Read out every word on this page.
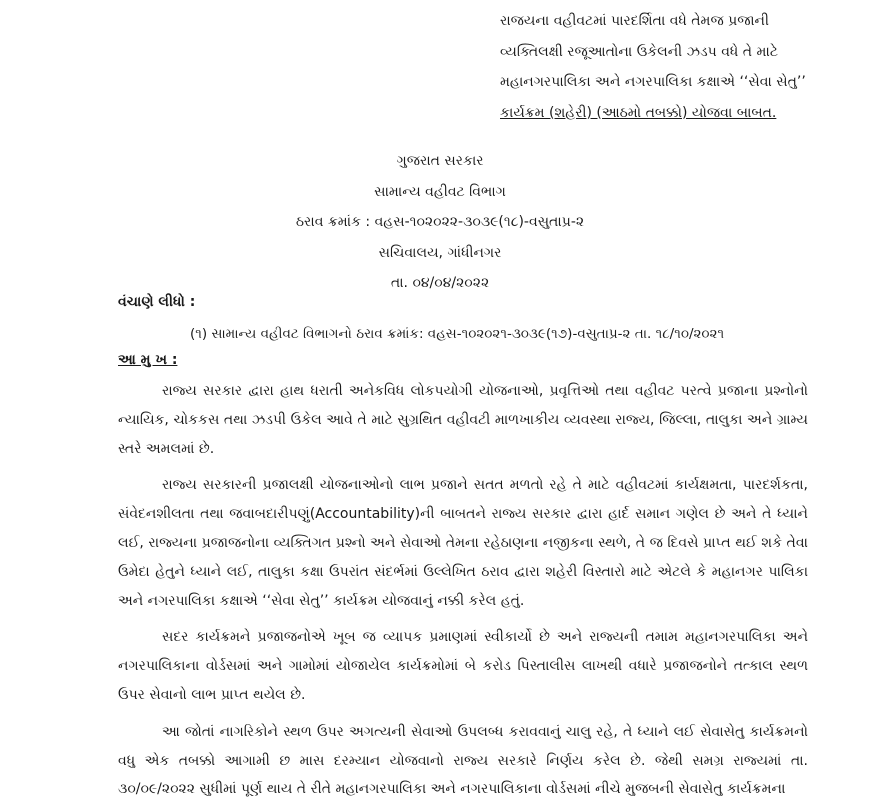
રાજયના વહીવટમાં પારદર્શિતા વધે તેમજ પ્રજાની

વ્યક્તિલક્ષી રજૂઆતોના ઉકેલની ઝડપ વધે તે માટે

મહાનગરપાલિકા અને નગરપાલિકા કક્ષાએ ‘‘સેવા સેતુ’’

કાર્યક્રમ (શહેરી) (આઠમો તબક્કો) યોજવા બાબત.

ગુજરાત સરકાર
સામાન્ય વહીવટ વિભાગ
ઠરાવ ક્રમાંક : વહસ-૧૦૨૦૨૨-૩૦૩૯(૧૮)-વસુતાપ્ર-૨
સચિવાલય, ગાંધીનગર
તા. ૦૪/૦૪/૨૦૨૨
વંચાણે લીધો :
(૧) સામાન્ય વહીવટ વિભાગનો ઠરાવ ક્રમાંક: વહસ-૧૦૨૦૨૧-૩૦૩૯(૧૭)-વસુતાપ્ર-૨ તા. ૧૮/૧૦/૨૦૨૧
આ મુ ખ :

રાજ્ય સરકાર દ્વારા હાથ ધરાતી અનેકવિધ લોકપયોગી યોજનાઓ, પ્રવૃત્તિઓ તથા વહીવટ પરત્વે પ્રજાના પ્રશ્નોનો ન્યાયિક, ચોકકસ તથા ઝડપી ઉકેલ આવે તે માટે સુગ્રથિત વહીવટી માળખાકીય વ્યવસ્થા રાજ્ય, જિલ્લા, તાલુકા અને ગ્રામ્ય સ્તરે અમલમાં છે.

રાજ્ય સરકારની પ્રજાલક્ષી યોજનાઓનો લાભ પ્રજાને સતત મળતો રહે તે માટે વહીવટમાં કાર્યક્ષમતા, પારદર્શકતા, સંવેદનશીલતા તથા જવાબદારીપણું(Accountability)ની બાબતને રાજ્ય સરકાર દ્વારા હાર્દ સમાન ગણેલ છે અને તે ધ્યાને લઈ, રાજ્યના પ્રજાજનોના વ્યક્તિગત પ્રશ્નો અને સેવાઓ તેમના રહેઠાણના નજીકના સ્થળે, તે જ દિવસે પ્રાપ્ત થઈ શકે તેવા ઉમેદા હેતુને ધ્યાને લઈ, તાલુકા કક્ષા ઉપરાંત સંદર્ભમાં ઉલ્લેખિત ઠરાવ દ્વારા શહેરી વિસ્તારો માટે એટલે કે મહાનગર પાલિકા અને નગરપાલિકા કક્ષાએ ‘‘સેવા સેતુ’’ કાર્યક્રમ યોજવાનું નક્કી કરેલ હતું.

સદર કાર્યક્રમને પ્રજાજનોએ ખૂબ જ વ્યાપક પ્રમાણમાં સ્વીકાર્યો છે અને રાજ્યની તમામ મહાનગરપાલિકા અને નગરપાલિકાના વોર્ડસમાં અને ગામોમાં યોજાયેલ કાર્યક્રમોમાં બે કરોડ પિસ્તાલીસ લાખથી વધારે પ્રજાજનોને તત્કાલ સ્થળ ઉપર સેવાનો લાભ પ્રાપ્ત થયેલ છે.

આ જોતાં નાગરિકોને સ્થળ ઉપર અગત્યની સેવાઓ ઉપલબ્ધ કરાવવાનું ચાલુ રહે, તે ધ્યાને લઈ સેવાસેતુ કાર્યક્રમનો વધુ એક તબક્કો આગામી છ માસ દરમ્યાન યોજવાનો રાજ્ય સરકારે નિર્ણય કરેલ છે. જેથી સમગ્ર રાજ્યમાં તા. ૩૦/૦૯/૨૦૨૨ સુધીમાં પૂર્ણ થાય તે રીતે મહાનગરપાલિકા અને નગરપાલિકાના વોર્ડસમાં નીચે મુજબની સેવાસેતુ કાર્યક્રમના
